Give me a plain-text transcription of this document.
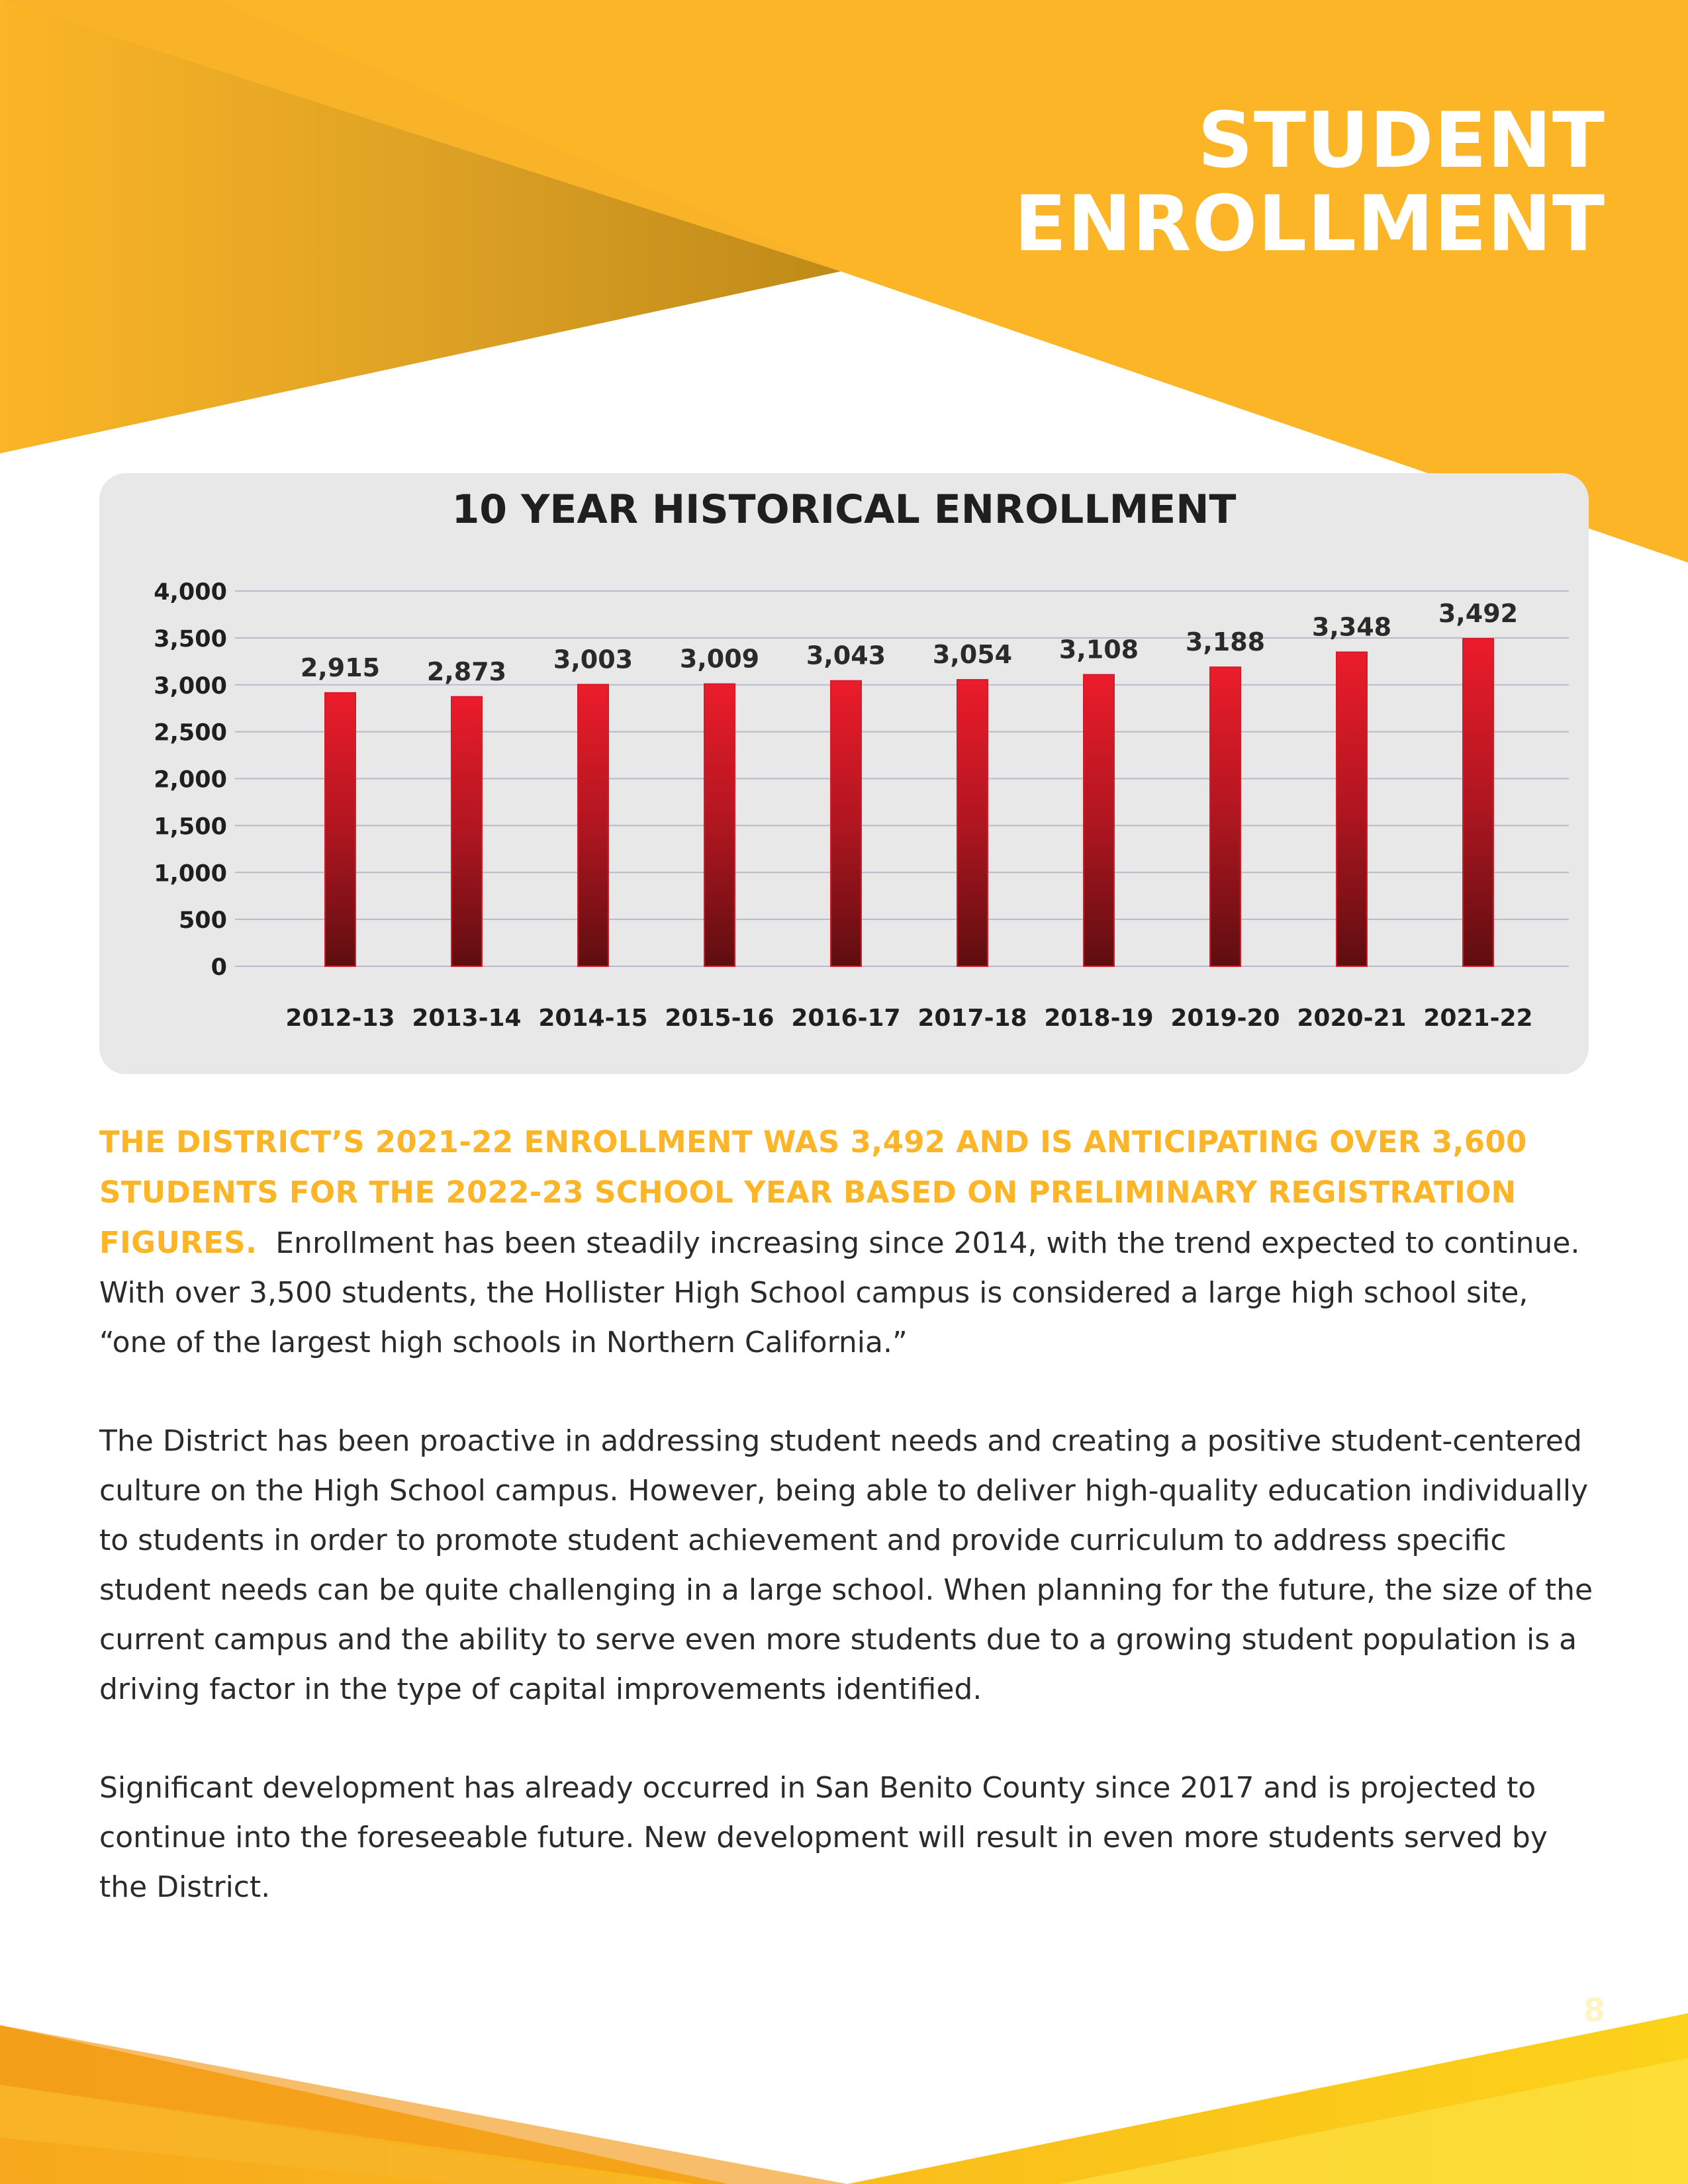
STUDENT
ENROLLMENT
10 YEAR HISTORICAL ENROLLMENT
0
500
1,000
1,500
2,000
2,500
3,000
3,500
4,000
2,915 2,873 3,003 3,009 3,043 3,054 3,108 3,188
3,348 3,492
2012-13 2013-14 2014-15 2015-16 2016-17 2017-18 2018-19 2019-20 2020-21 2021-22

THE DISTRICT’S 2021-22 ENROLLMENT WAS 3,492 AND IS ANTICIPATING OVER 3,600 STUDENTS FOR THE 2022-23 SCHOOL YEAR BASED ON PRELIMINARY REGISTRATION FIGURES. Enrollment has been steadily increasing since 2014, with the trend expected to continue. With over 3,500 students, the Hollister High School campus is considered a large high school site, “one of the largest high schools in Northern California.”

The District has been proactive in addressing student needs and creating a positive student-centered culture on the High School campus. However, being able to deliver high-quality education individually to students in order to promote student achievement and provide curriculum to address specific student needs can be quite challenging in a large school. When planning for the future, the size of the current campus and the ability to serve even more students due to a growing student population is a driving factor in the type of capital improvements identified.

Significant development has already occurred in San Benito County since 2017 and is projected to continue into the foreseeable future. New development will result in even more students served by the District.

8
